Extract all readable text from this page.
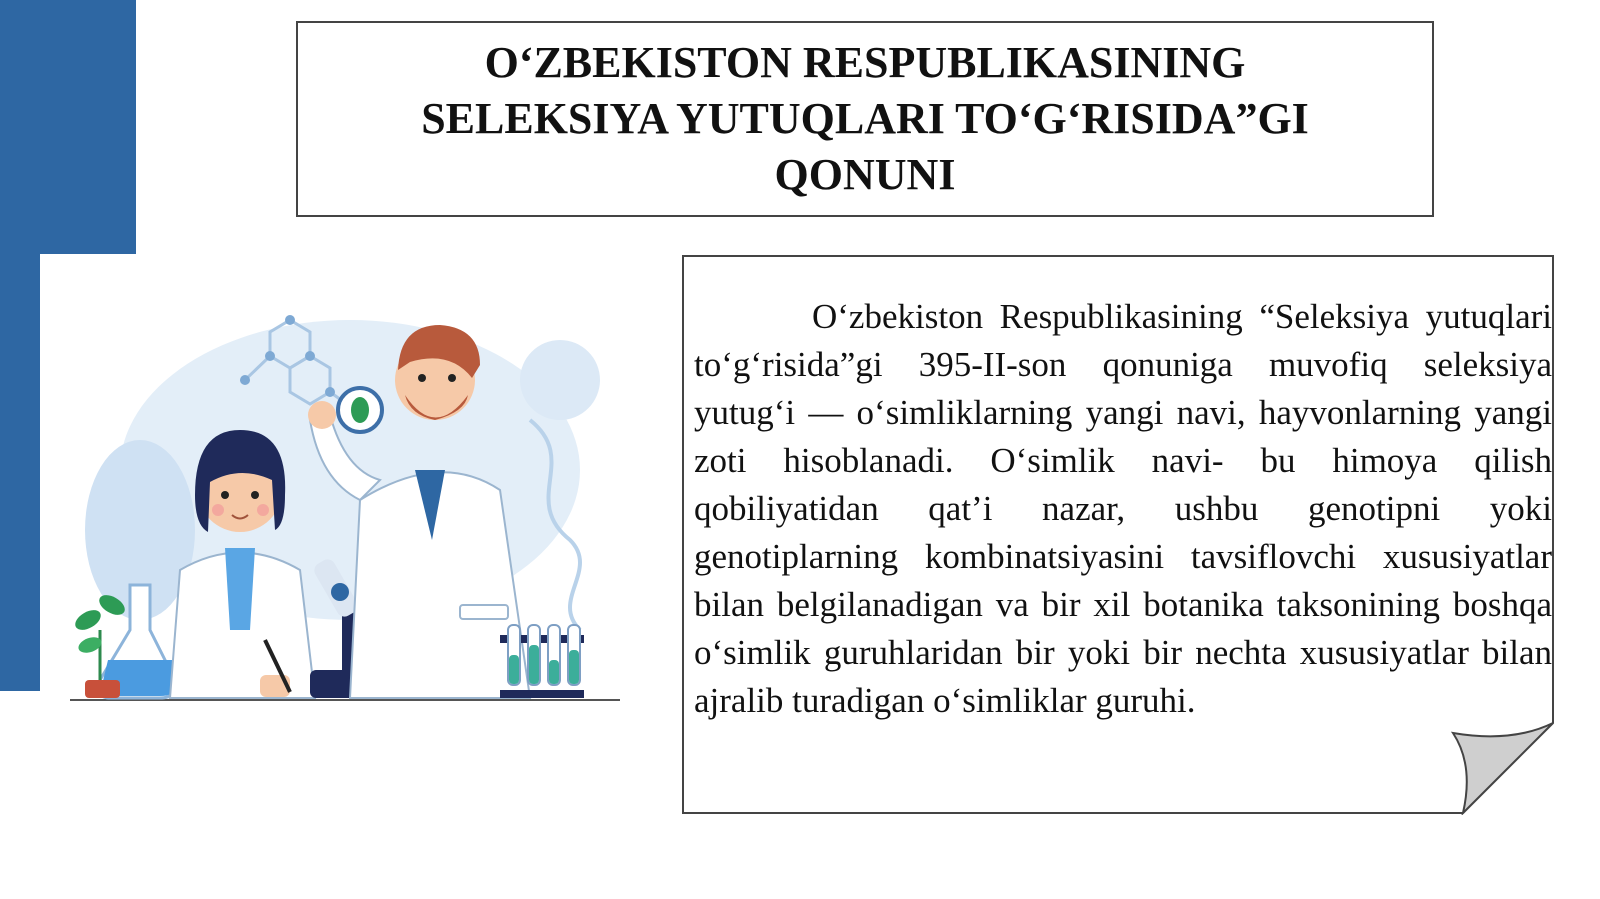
O‘ZBEKISTON RESPUBLIKASINING
SELEKSIYA YUTUQLARI TO‘G‘RISIDA”GI
QONUNI
O‘zbekiston Respublikasining “Seleksiya yutuqlari to‘g‘risida”gi 395-II-son qonuniga muvofiq seleksiya yutug‘i — o‘simliklarning yangi navi, hayvonlarning yangi zoti hisoblanadi. O‘simlik navi- bu himoya qilish qobiliyatidan qat’i nazar, ushbu genotipni yoki genotiplarning kombinatsiyasini tavsiflovchi xususiyatlar bilan belgilanadigan va bir xil botanika taksonining boshqa o‘simlik guruhlaridan bir yoki bir nechta xususiyatlar bilan ajralib turadigan o‘simliklar guruhi.
